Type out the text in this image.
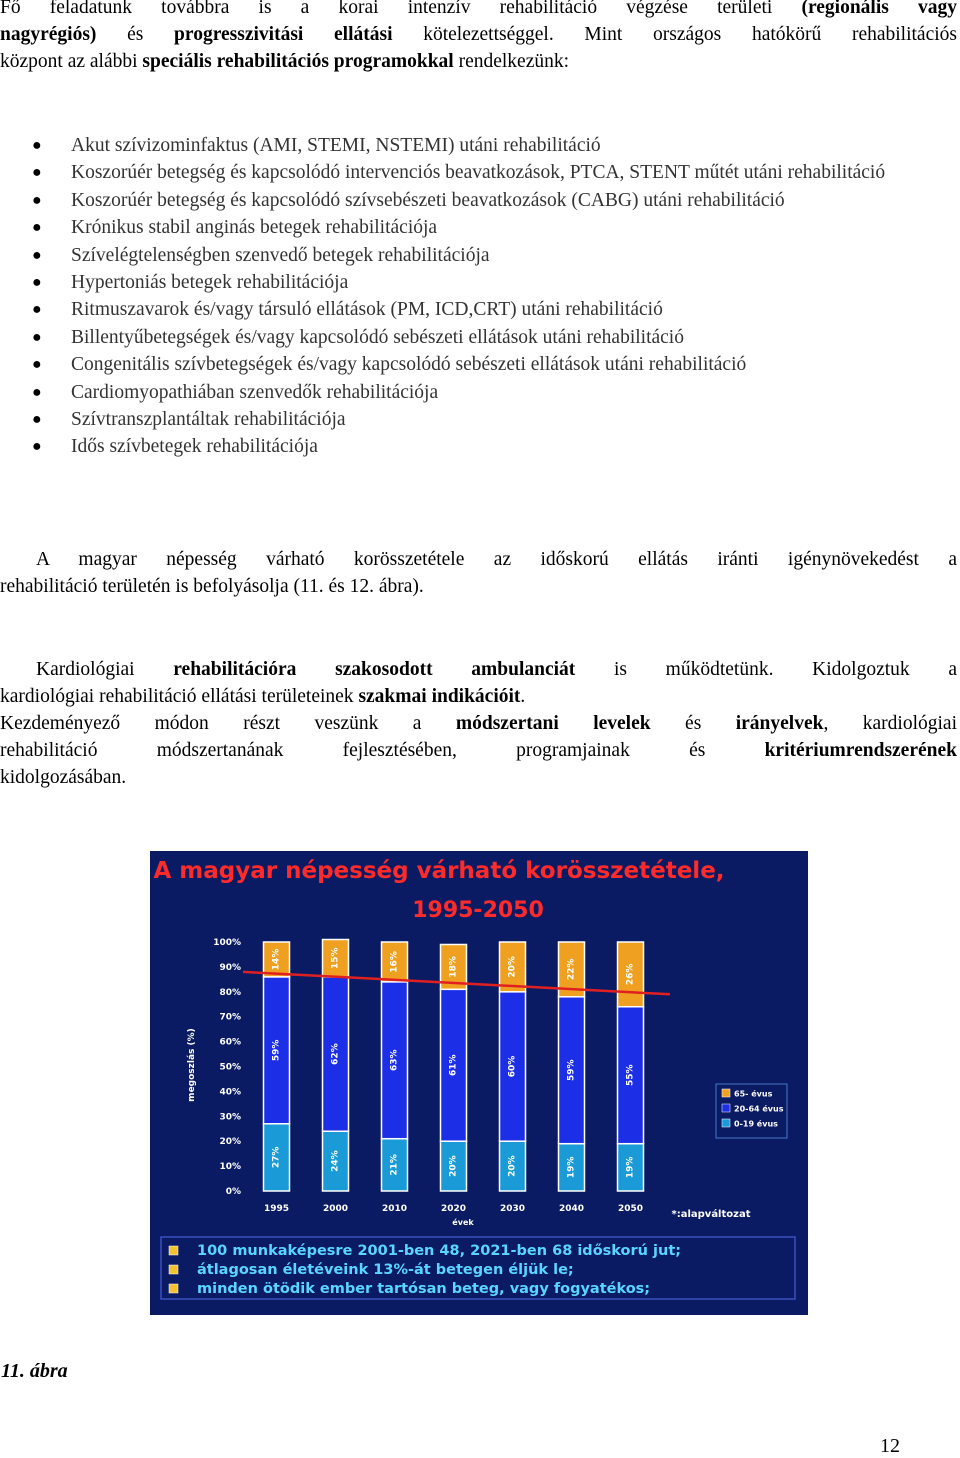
Fő feladatunk továbbra is a korai intenzív rehabilitáció végzése területi (regionális vagy
nagyrégiós) és progresszivitási ellátási kötelezettséggel. Mint országos hatókörű rehabilitációs
központ az alábbi speciális rehabilitációs programokkal rendelkezünk:
● Akut szívizominfaktus (AMI, STEMI, NSTEMI) utáni rehabilitáció
● Koszorúér betegség és kapcsolódó intervenciós beavatkozások, PTCA, STENT műtét utáni rehabilitáció
● Koszorúér betegség és kapcsolódó szívsebészeti beavatkozások (CABG) utáni rehabilitáció
● Krónikus stabil anginás betegek rehabilitációja
● Szívelégtelenségben szenvedő betegek rehabilitációja
● Hypertoniás betegek rehabilitációja
● Ritmuszavarok és/vagy társuló ellátások (PM, ICD,CRT) utáni rehabilitáció
● Billentyűbetegségek és/vagy kapcsolódó sebészeti ellátások utáni rehabilitáció
● Congenitális szívbetegségek és/vagy kapcsolódó sebészeti ellátások utáni rehabilitáció
● Cardiomyopathiában szenvedők rehabilitációja
● Szívtranszplantáltak rehabilitációja
● Idős szívbetegek rehabilitációja
A magyar népesség várható korösszetétele az időskorú ellátás iránti igénynövekedést a
rehabilitáció területén is befolyásolja (11. és 12. ábra).
Kardiológiai rehabilitációra szakosodott ambulanciát is működtetünk. Kidolgoztuk a
kardiológiai rehabilitáció ellátási területeinek szakmai indikációit.
Kezdeményező módon részt veszünk a módszertani levelek és irányelvek, kardiológiai
rehabilitáció módszertanának fejlesztésében, programjainak és kritériumrendszerének
kidolgozásában.
A magyar népesség várható korösszetétele,
1995-2050
0%
10%
20%
30%
40%
50%
60%
70%
80%
90%
100%
megoszlás (%)
évek
27%
59%
14%
1995
24%
62%
15%
2000
21%
63%
16%
2010
20%
61%
18%
2020
20%
60%
20%
2030
19%
59%
22%
2040
19%
55%
26%
2050
65- évus
20-64 évus
0-19 évus
*:alapváltozat
100 munkaképesre 2001-ben 48, 2021-ben 68 időskorú jut;
átlagosan életéveink 13%-át betegen éljük le;
minden ötödik ember tartósan beteg, vagy fogyatékos;
11. ábra
12
